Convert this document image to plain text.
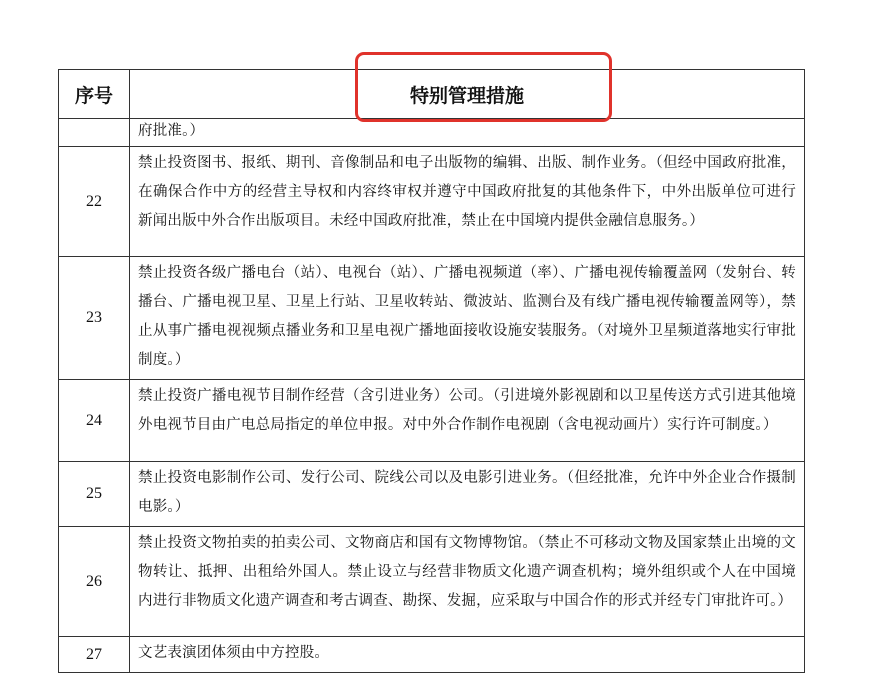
序号	特别管理措施
	府批准。）
22	禁止投资图书、报纸、期刊、音像制品和电子出版物的编辑、出版、制作业务。（但经中国政府批准，在确保合作中方的经营主导权和内容终审权并遵守中国政府批复的其他条件下，中外出版单位可进行新闻出版中外合作出版项目。未经中国政府批准，禁止在中国境内提供金融信息服务。）
23	禁止投资各级广播电台（站）、电视台（站）、广播电视频道（率）、广播电视传输覆盖网（发射台、转播台、广播电视卫星、卫星上行站、卫星收转站、微波站、监测台及有线广播电视传输覆盖网等），禁止从事广播电视视频点播业务和卫星电视广播地面接收设施安装服务。（对境外卫星频道落地实行审批制度。）
24	禁止投资广播电视节目制作经营（含引进业务）公司。（引进境外影视剧和以卫星传送方式引进其他境外电视节目由广电总局指定的单位申报。对中外合作制作电视剧（含电视动画片）实行许可制度。）
25	禁止投资电影制作公司、发行公司、院线公司以及电影引进业务。（但经批准，允许中外企业合作摄制电影。）
26	禁止投资文物拍卖的拍卖公司、文物商店和国有文物博物馆。（禁止不可移动文物及国家禁止出境的文物转让、抵押、出租给外国人。禁止设立与经营非物质文化遗产调查机构；境外组织或个人在中国境内进行非物质文化遗产调查和考古调查、勘探、发掘，应采取与中国合作的形式并经专门审批许可。）
27	文艺表演团体须由中方控股。
